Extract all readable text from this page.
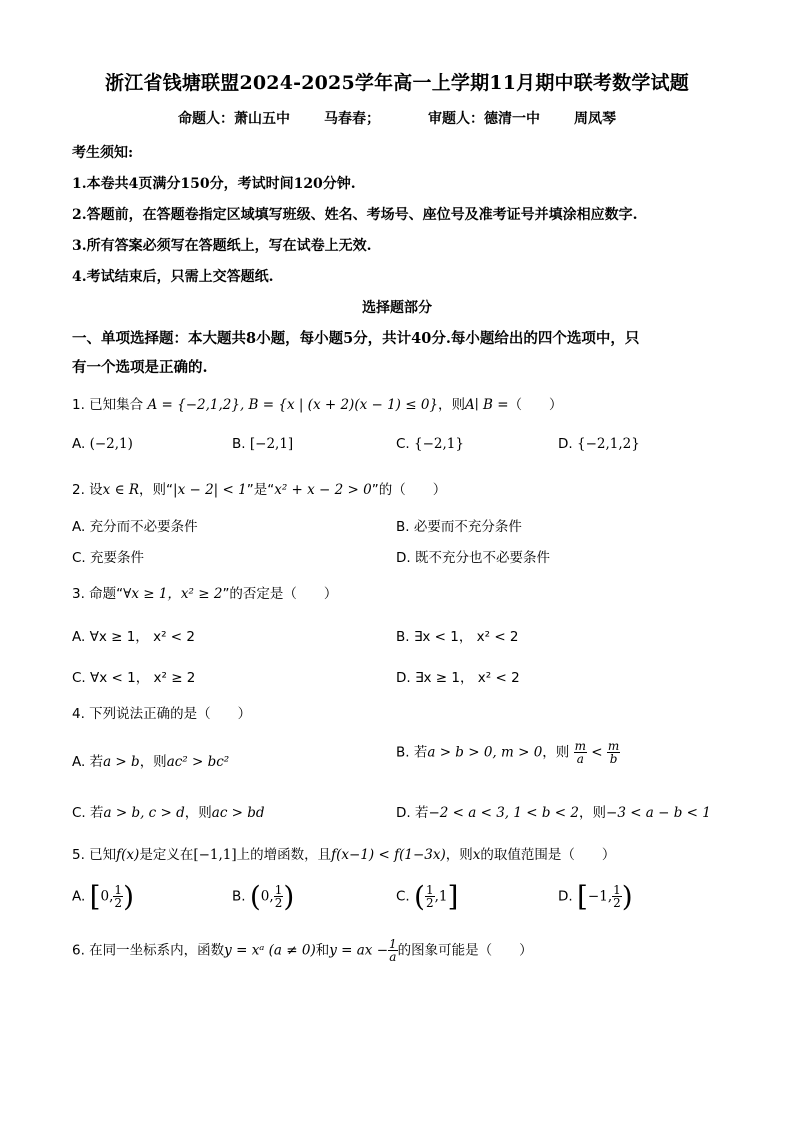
浙江省钱塘联盟2024-2025学年高一上学期11月期中联考数学试题
命题人：萧山五中 马春春；	审题人：德清一中 周凤琴
考生须知:
1.本卷共4页满分150分，考试时间120分钟.
2.答题前，在答题卷指定区域填写班级、姓名、考场号、座位号及准考证号并填涂相应数字.
3.所有答案必须写在答题纸上，写在试卷上无效.
4.考试结束后，只需上交答题纸.
选择题部分
一、单项选择题：本大题共8小题，每小题5分，共计40分.每小题给出的四个选项中，只
有一个选项是正确的.
1. 已知集合 A = {−2,1,2}, B = {x | (x + 2)(x − 1) ≤ 0}，则A∣ B =（　　）
A. (−2,1)	B. [−2,1]	C. {−2,1}	D. {−2,1,2}
2. 设x ∈ R，则“|x − 2| < 1”是“x² + x − 2 > 0”的（　　）
A. 充分而不必要条件	B. 必要而不充分条件
C. 充要条件	D. 既不充分也不必要条件
3. 命题“∀x ≥ 1，x² ≥ 2”的否定是（　　）
A. ∀x ≥ 1， x² < 2	B. ∃x < 1， x² < 2
C. ∀x < 1， x² ≥ 2	D. ∃x ≥ 1， x² < 2
4. 下列说法正确的是（　　）
A. 若a > b，则ac² > bc²
B. 若a > b > 0, m > 0，则 $\frac{m}{a} < \frac{m}{b}$
C. 若a > b, c > d，则ac > bd	D. 若−2 < a < 3, 1 < b < 2，则−3 < a − b < 1
5. 已知f(x)是定义在[−1,1]上的增函数，且f(x−1) < f(1−3x)，则x的取值范围是（　　）
A. [0, $\frac{1}{2}$ )	B. (0, $\frac{1}{2}$ )	C. ( $\frac{1}{2} ,1$]	D. [−1, $\frac{1}{2}$ )
6. 在同一坐标系内，函数y = xᵃ (a ≠ 0)和y = ax − $\frac{1}{a}$ 的图象可能是（　　）
